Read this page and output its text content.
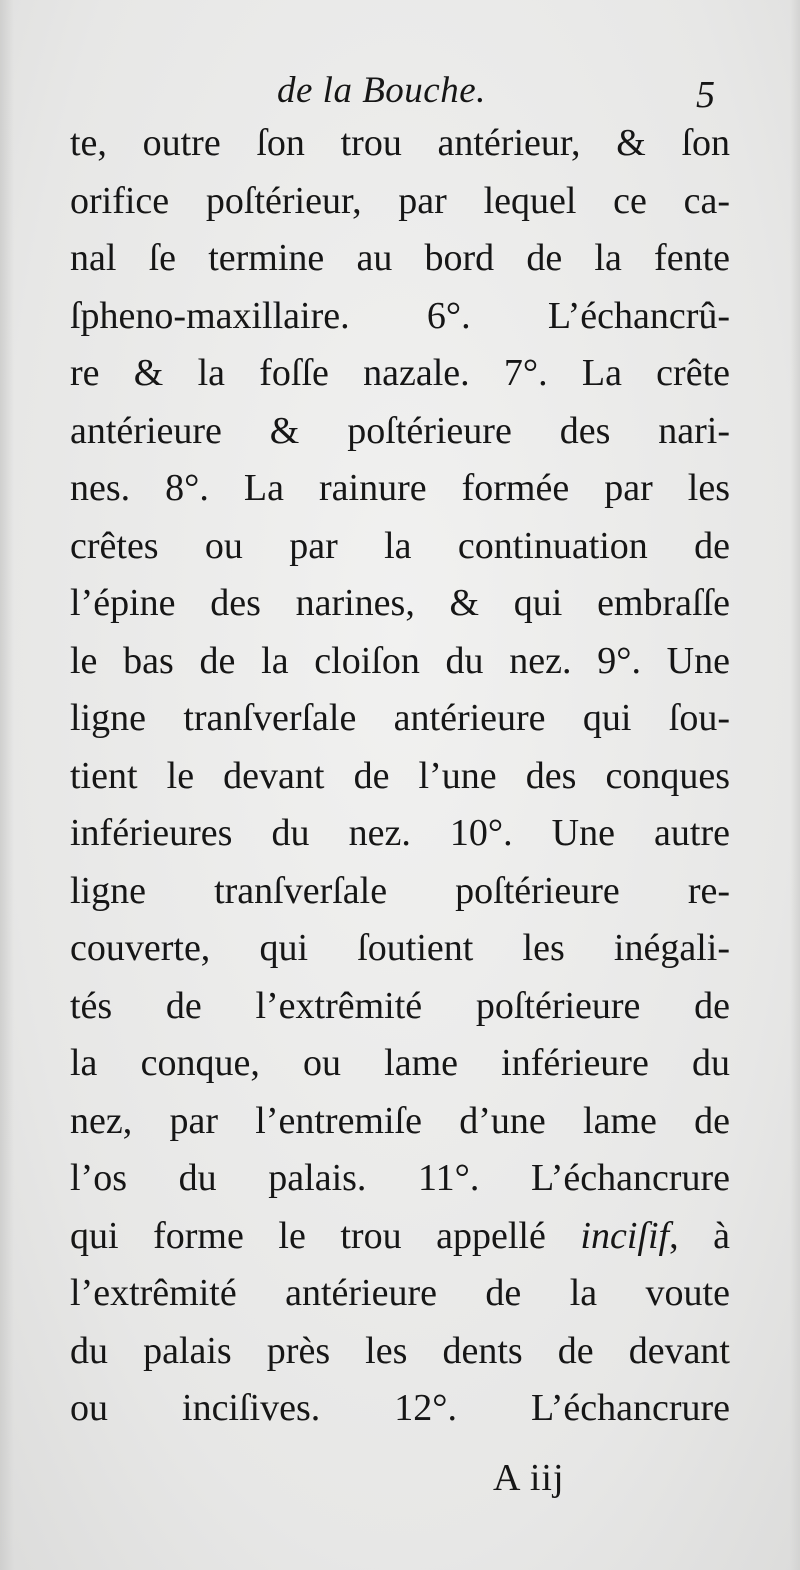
de la Bouche.	5
te, outre ſon trou antérieur, & ſon
orifice poſtérieur, par lequel ce ca-
nal ſe termine au bord de la fente
ſpheno-maxillaire. 6°. L’échancrû-
re & la foſſe nazale. 7°. La crête
antérieure & poſtérieure des nari-
nes. 8°. La rainure formée par les
crêtes ou par la continuation de
l’épine des narines, & qui embraſſe
le bas de la cloiſon du nez. 9°. Une
ligne tranſverſale antérieure qui ſou-
tient le devant de l’une des conques
inférieures du nez. 10°. Une autre
ligne tranſverſale poſtérieure re-
couverte, qui ſoutient les inégali-
tés de l’extrêmité poſtérieure de
la conque, ou lame inférieure du
nez, par l’entremiſe d’une lame de
l’os du palais. 11°. L’échancrure
qui forme le trou appellé inciſif, à
l’extrêmité antérieure de la voute
du palais près les dents de devant
ou inciſives. 12°. L’échancrure
A iij
